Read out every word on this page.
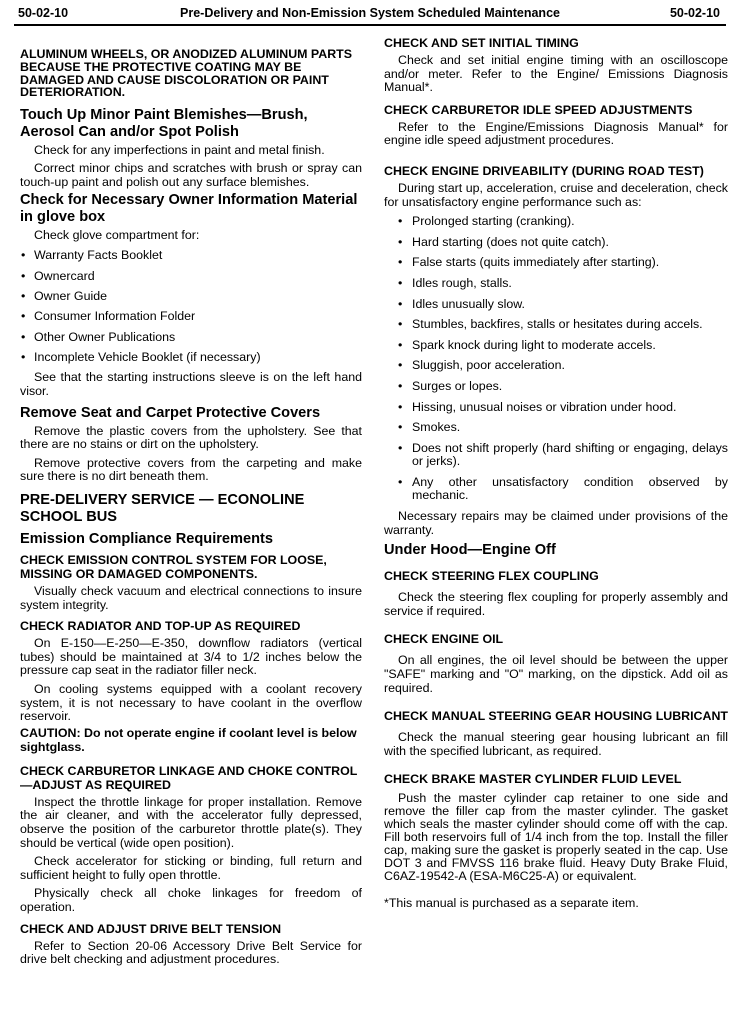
50-02-10	Pre-Delivery and Non-Emission System Scheduled Maintenance	50-02-10

ALUMINUM WHEELS, OR ANODIZED ALUMINUM PARTS BECAUSE THE PROTECTIVE COATING MAY BE DAMAGED AND CAUSE DISCOLORATION OR PAINT DETERIORATION.

Touch Up Minor Paint Blemishes—Brush, Aerosol Can and/or Spot Polish

Check for any imperfections in paint and metal finish.

Correct minor chips and scratches with brush or spray can touch-up paint and polish out any surface blemishes.

Check for Necessary Owner Information Material in glove box

Check glove compartment for:

• Warranty Facts Booklet
• Ownercard
• Owner Guide
• Consumer Information Folder
• Other Owner Publications
• Incomplete Vehicle Booklet (if necessary)

See that the starting instructions sleeve is on the left hand visor.

Remove Seat and Carpet Protective Covers

Remove the plastic covers from the upholstery. See that there are no stains or dirt on the upholstery.

Remove protective covers from the carpeting and make sure there is no dirt beneath them.

PRE-DELIVERY SERVICE — ECONOLINE SCHOOL BUS

Emission Compliance Requirements

CHECK EMISSION CONTROL SYSTEM FOR LOOSE, MISSING OR DAMAGED COMPONENTS.

Visually check vacuum and electrical connections to insure system integrity.

CHECK RADIATOR AND TOP-UP AS REQUIRED

On E-150—E-250—E-350, downflow radiators (vertical tubes) should be maintained at 3/4 to 1/2 inches below the pressure cap seat in the radiator filler neck.

On cooling systems equipped with a coolant recovery system, it is not necessary to have coolant in the overflow reservoir.

CAUTION: Do not operate engine if coolant level is below sightglass.

CHECK CARBURETOR LINKAGE AND CHOKE CONTROL—ADJUST AS REQUIRED

Inspect the throttle linkage for proper installation. Remove the air cleaner, and with the accelerator fully depressed, observe the position of the carburetor throttle plate(s). They should be vertical (wide open position).

Check accelerator for sticking or binding, full return and sufficient height to fully open throttle.

Physically check all choke linkages for freedom of operation.

CHECK AND ADJUST DRIVE BELT TENSION

Refer to Section 20-06 Accessory Drive Belt Service for drive belt checking and adjustment procedures.

CHECK AND SET INITIAL TIMING

Check and set initial engine timing with an oscilloscope and/or meter. Refer to the Engine/ Emissions Diagnosis Manual*.

CHECK CARBURETOR IDLE SPEED ADJUSTMENTS

Refer to the Engine/Emissions Diagnosis Manual* for engine idle speed adjustment procedures.

CHECK ENGINE DRIVEABILITY (DURING ROAD TEST)

During start up, acceleration, cruise and deceleration, check for unsatisfactory engine performance such as:

• Prolonged starting (cranking).
• Hard starting (does not quite catch).
• False starts (quits immediately after starting).
• Idles rough, stalls.
• Idles unusually slow.
• Stumbles, backfires, stalls or hesitates during accels.
• Spark knock during light to moderate accels.
• Sluggish, poor acceleration.
• Surges or lopes.
• Hissing, unusual noises or vibration under hood.
• Smokes.
• Does not shift properly (hard shifting or engaging, delays or jerks).
• Any other unsatisfactory condition observed by mechanic.

Necessary repairs may be claimed under provisions of the warranty.

Under Hood—Engine Off

CHECK STEERING FLEX COUPLING

Check the steering flex coupling for properly assembly and service if required.

CHECK ENGINE OIL

On all engines, the oil level should be between the upper "SAFE" marking and "O" marking, on the dipstick. Add oil as required.

CHECK MANUAL STEERING GEAR HOUSING LUBRICANT

Check the manual steering gear housing lubricant an fill with the specified lubricant, as required.

CHECK BRAKE MASTER CYLINDER FLUID LEVEL

Push the master cylinder cap retainer to one side and remove the filler cap from the master cylinder. The gasket which seals the master cylinder should come off with the cap. Fill both reservoirs full of 1/4 inch from the top. Install the filler cap, making sure the gasket is properly seated in the cap. Use DOT 3 and FMVSS 116 brake fluid. Heavy Duty Brake Fluid, C6AZ-19542-A (ESA-M6C25-A) or equivalent.

*This manual is purchased as a separate item.
